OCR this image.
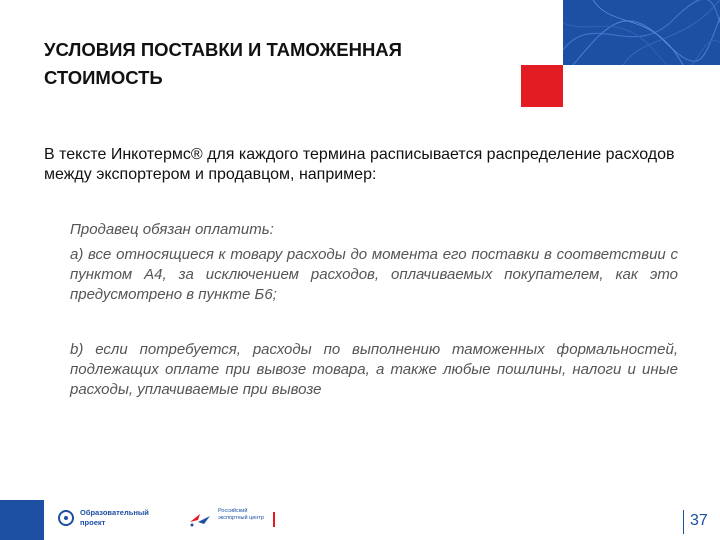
УСЛОВИЯ ПОСТАВКИ И ТАМОЖЕННАЯ СТОИМОСТЬ
В тексте Инкотермс® для каждого термина расписывается распределение расходов между экспортером и продавцом, например:
Продавец обязан оплатить:
а) все относящиеся к товару расходы до момента его поставки в соответствии с пунктом А4, за исключением расходов, оплачиваемых покупателем, как это предусмотрено в пункте Б6;
b) если потребуется, расходы по выполнению таможенных формальностей, подлежащих оплате при вывозе товара, а также любые пошлины, налоги и иные расходы, уплачиваемые при вывозе
Образовательный проект
Российский экспортный центр	37
